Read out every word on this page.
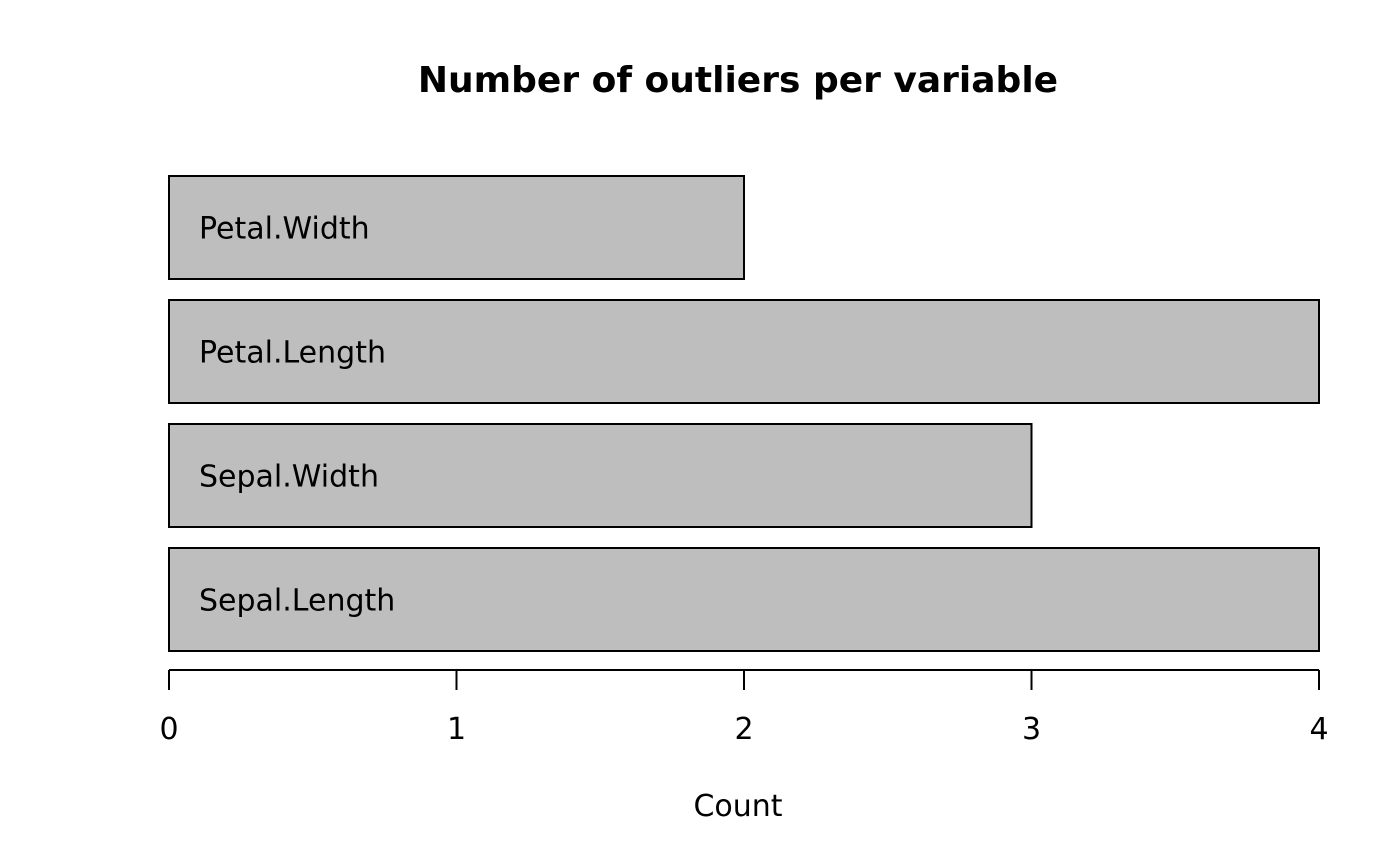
Number of outliers per variable
Sepal.Length
Sepal.Width
Petal.Length
Petal.Width
0	1	2	3	4
Count
